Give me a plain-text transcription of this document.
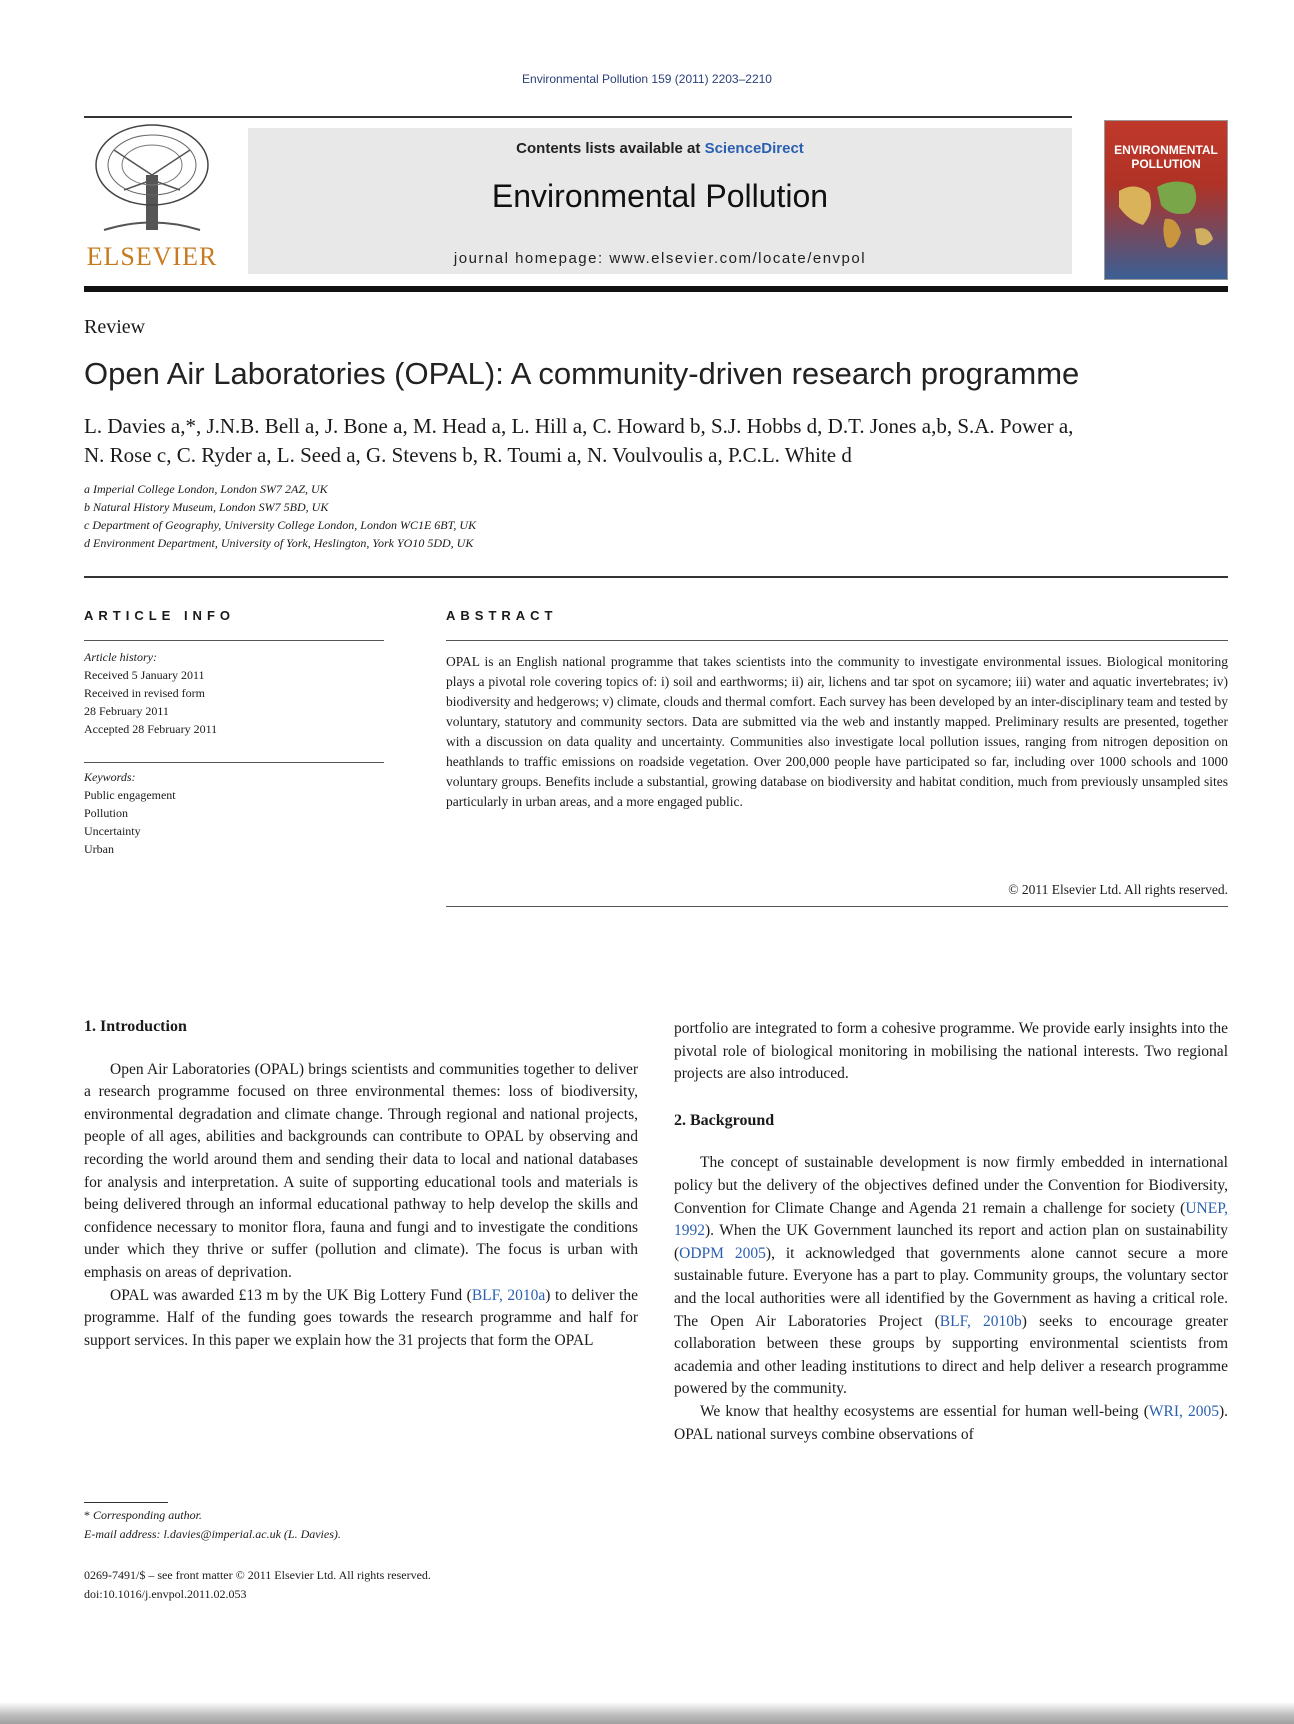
Environmental Pollution 159 (2011) 2203–2210
ELSEVIER
Contents lists available at ScienceDirect
Environmental Pollution
journal homepage: www.elsevier.com/locate/envpol
ENVIRONMENTAL POLLUTION
Review
Open Air Laboratories (OPAL): A community-driven research programme
L. Davies a,*, J.N.B. Bell a, J. Bone a, M. Head a, L. Hill a, C. Howard b, S.J. Hobbs d, D.T. Jones a,b, S.A. Power a,
N. Rose c, C. Ryder a, L. Seed a, G. Stevens b, R. Toumi a, N. Voulvoulis a, P.C.L. White d
a Imperial College London, London SW7 2AZ, UK
b Natural History Museum, London SW7 5BD, UK
c Department of Geography, University College London, London WC1E 6BT, UK
d Environment Department, University of York, Heslington, York YO10 5DD, UK
ARTICLE INFO	ABSTRACT
Article history:
Received 5 January 2011
Received in revised form
28 February 2011
Accepted 28 February 2011
Keywords:
Public engagement
Pollution
Uncertainty
Urban
OPAL is an English national programme that takes scientists into the community to investigate environmental issues. Biological monitoring plays a pivotal role covering topics of: i) soil and earthworms; ii) air, lichens and tar spot on sycamore; iii) water and aquatic invertebrates; iv) biodiversity and hedgerows; v) climate, clouds and thermal comfort. Each survey has been developed by an inter-disciplinary team and tested by voluntary, statutory and community sectors. Data are submitted via the web and instantly mapped. Preliminary results are presented, together with a discussion on data quality and uncertainty. Communities also investigate local pollution issues, ranging from nitrogen deposition on heathlands to traffic emissions on roadside vegetation. Over 200,000 people have participated so far, including over 1000 schools and 1000 voluntary groups. Benefits include a substantial, growing database on biodiversity and habitat condition, much from previously unsampled sites particularly in urban areas, and a more engaged public.
© 2011 Elsevier Ltd. All rights reserved.
1. Introduction

Open Air Laboratories (OPAL) brings scientists and communities together to deliver a research programme focused on three environmental themes: loss of biodiversity, environmental degradation and climate change. Through regional and national projects, people of all ages, abilities and backgrounds can contribute to OPAL by observing and recording the world around them and sending their data to local and national databases for analysis and interpretation. A suite of supporting educational tools and materials is being delivered through an informal educational pathway to help develop the skills and confidence necessary to monitor flora, fauna and fungi and to investigate the conditions under which they thrive or suffer (pollution and climate). The focus is urban with emphasis on areas of deprivation.

OPAL was awarded £13 m by the UK Big Lottery Fund (BLF, 2010a) to deliver the programme. Half of the funding goes towards the research programme and half for support services. In this paper we explain how the 31 projects that form the OPAL

portfolio are integrated to form a cohesive programme. We provide early insights into the pivotal role of biological monitoring in mobilising the national interests. Two regional projects are also introduced.

2. Background

The concept of sustainable development is now firmly embedded in international policy but the delivery of the objectives defined under the Convention for Biodiversity, Convention for Climate Change and Agenda 21 remain a challenge for society (UNEP, 1992). When the UK Government launched its report and action plan on sustainability (ODPM 2005), it acknowledged that governments alone cannot secure a more sustainable future. Everyone has a part to play. Community groups, the voluntary sector and the local authorities were all identified by the Government as having a critical role. The Open Air Laboratories Project (BLF, 2010b) seeks to encourage greater collaboration between these groups by supporting environmental scientists from academia and other leading institutions to direct and help deliver a research programme powered by the community.

We know that healthy ecosystems are essential for human well-being (WRI, 2005). OPAL national surveys combine observations of

* Corresponding author.
E-mail address: l.davies@imperial.ac.uk (L. Davies).
0269-7491/$ – see front matter © 2011 Elsevier Ltd. All rights reserved.
doi:10.1016/j.envpol.2011.02.053
